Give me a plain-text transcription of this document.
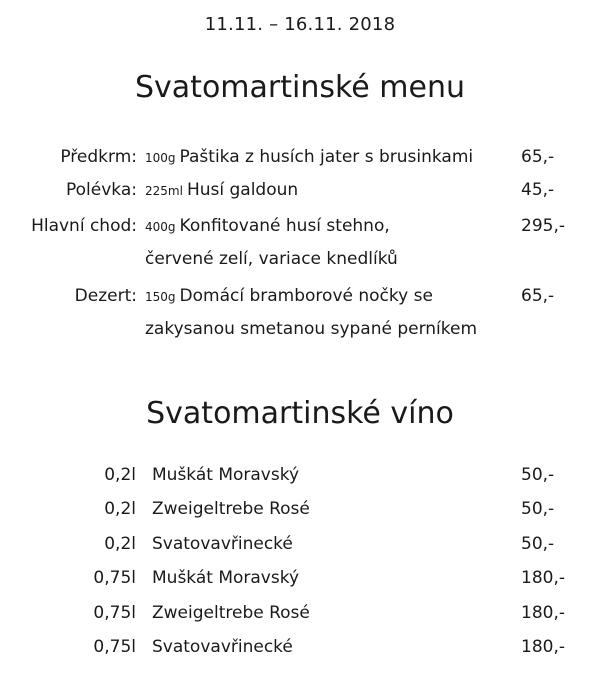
11.11. – 16.11. 2018
Svatomartinské menu
Předkrm: 100g Paštika z husích jater s brusinkami	65,-
Polévka: 225ml Husí galdoun	45,-
Hlavní chod: 400g Konfitované husí stehno,
červené zelí, variace knedlíků
295,-
Dezert: 150g Domácí bramborové nočky se
zakysanou smetanou sypané perníkem
65,-
Svatomartinské víno
0,2l Muškát Moravský	50,-
0,2l Zweigeltrebe Rosé	50,-
0,2l Svatovavřinecké	50,-
0,75l Muškát Moravský	180,-
0,75l Zweigeltrebe Rosé	180,-
0,75l Svatovavřinecké	180,-
